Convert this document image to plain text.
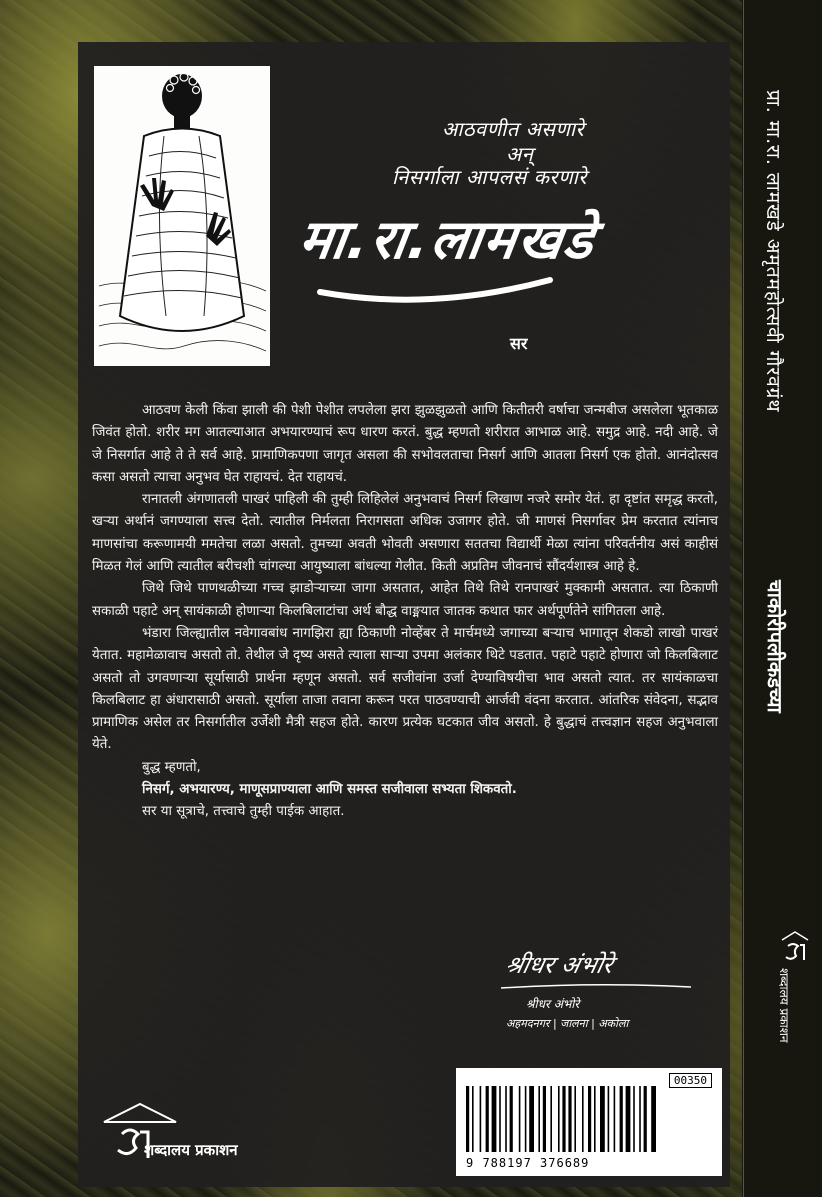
आठवणीत असणारे
अन्
निसर्गाला आपलसं करणारे
मा.रा.लामखडे
सर

आठवण केली किंवा झाली की पेशी पेशीत लपलेला झरा झुळझुळतो आणि कितीतरी वर्षाचा जन्मबीज असलेला भूतकाळ जिवंत होतो. शरीर मग आतल्याआत अभयारण्याचं रूप धारण करतं. बुद्ध म्हणतो शरीरात आभाळ आहे. समुद्र आहे. नदी आहे. जे जे निसर्गात आहे ते ते सर्व आहे. प्रामाणिकपणा जागृत असला की सभोवलताचा निसर्ग आणि आतला निसर्ग एक होतो. आनंदोत्सव कसा असतो त्याचा अनुभव घेत राहायचं. देत राहायचं.

रानातली अंगणातली पाखरं पाहिली की तुम्ही लिहिलेलं अनुभवाचं निसर्ग लिखाण नजरे समोर येतं. हा दृष्टांत समृद्ध करतो, खऱ्या अर्थानं जगण्याला सत्त्व देतो. त्यातील निर्मलता निरागसता अधिक उजागर होते. जी माणसं निसर्गावर प्रेम करतात त्यांनाच माणसांचा करूणामयी ममतेचा लळा असतो. तुमच्या अवती भोवती असणारा सततचा विद्यार्थी मेळा त्यांना परिवर्तनीय असं काहीसं मिळत गेलं आणि त्यातील बरीचशी चांगल्या आयुष्याला बांधल्या गेलीत. किती अप्रतिम जीवनाचं सौंदर्यशास्त्र आहे हे.

जिथे जिथे पाणथळीच्या गच्च झाडोऱ्याच्या जागा असतात, आहेत तिथे तिथे रानपाखरं मुक्कामी असतात. त्या ठिकाणी सकाळी पहाटे अन् सायंकाळी होणाऱ्या किलबिलाटांचा अर्थ बौद्ध वाङ्मयात जातक कथात फार अर्थपूर्णतेने सांगितला आहे.

भंडारा जिल्ह्यातील नवेगावबांध नागझिरा ह्या ठिकाणी नोव्हेंबर ते मार्चमध्ये जगाच्या बऱ्याच भागातून शेकडो लाखो पाखरं येतात. महामेळावाच असतो तो. तेथील जे दृष्य असते त्याला साऱ्या उपमा अलंकार थिटे पडतात. पहाटे पहाटे होणारा जो किलबिलाट असतो तो उगवणाऱ्या सूर्यासाठी प्रार्थना म्हणून असतो. सर्व सजीवांना उर्जा देण्याविषयीचा भाव असतो त्यात. तर सायंकाळचा किलबिलाट हा अंधारासाठी असतो. सूर्याला ताजा तवाना करून परत पाठवण्याची आर्जवी वंदना करतात. आंतरिक संवेदना, सद्भाव प्रामाणिक असेल तर निसर्गातील उर्जेशी मैत्री सहज होते. कारण प्रत्येक घटकात जीव असतो. हे बुद्धाचं तत्त्वज्ञान सहज अनुभवाला येते.

बुद्ध म्हणतो,

निसर्ग, अभयारण्य, माणूसप्राण्याला आणि समस्त सजीवाला सभ्यता शिकवतो.

सर या सूत्राचे, तत्त्वाचे तुम्ही पाईक आहात.

श्रीधर अंभोरे
श्रीधर अंभोरे
अहमदनगर | जालना | अकोला
शब्दालय प्रकाशन
00350
9 788197 376689
प्रा. मा.रा. लामखडे अमृतमहोत्सवी गौरवग्रंथ
चाकोरीपलीकडच्या
शब्दालय प्रकाशन
